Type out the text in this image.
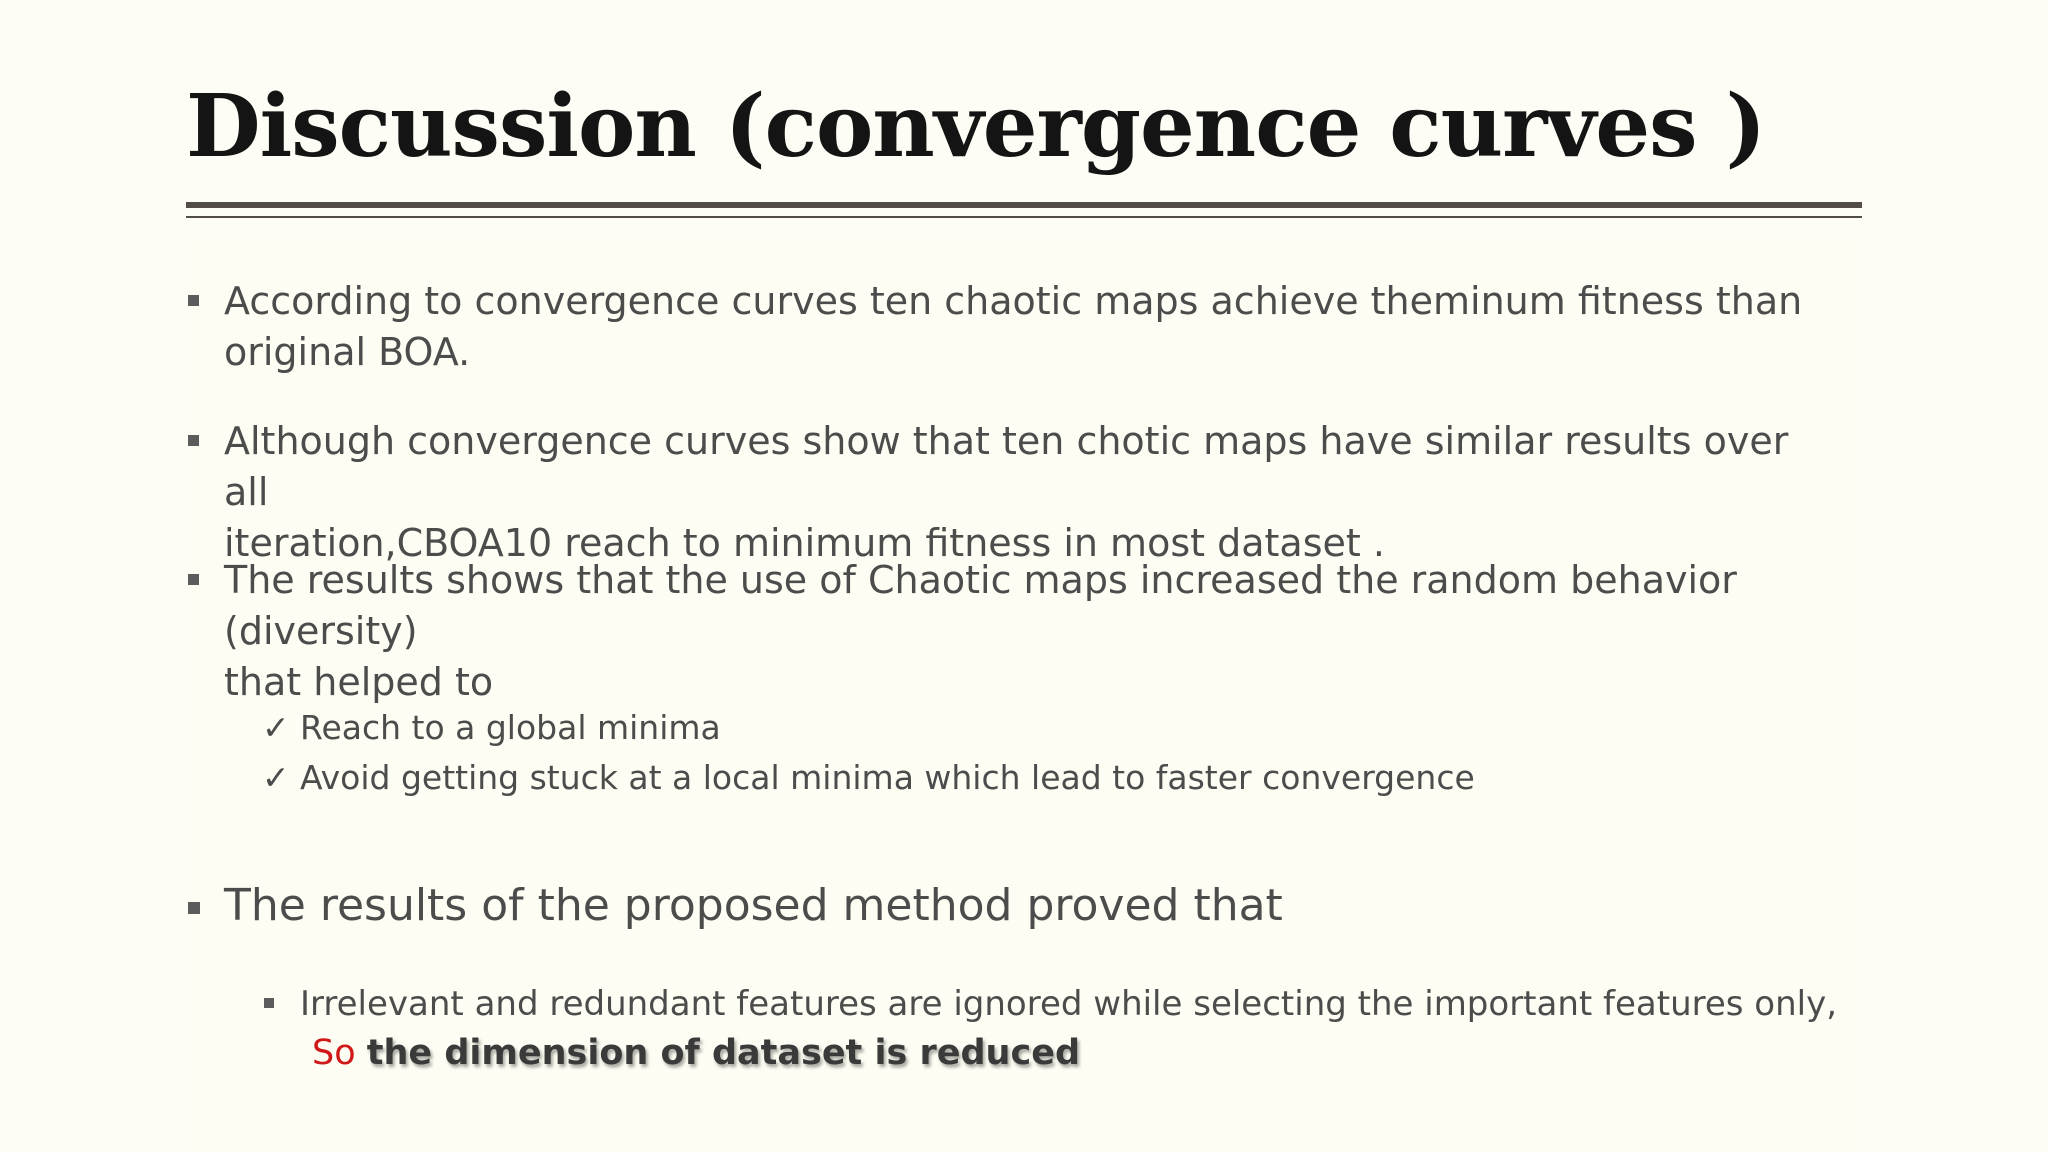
Discussion (convergence curves )
According to convergence curves ten chaotic maps achieve theminum fitness than
original BOA.
Although convergence curves show that ten chotic maps have similar results over all
iteration,CBOA10 reach to minimum fitness in most dataset .
The results shows that the use of Chaotic maps increased the random behavior (diversity)
that helped to
✓ Reach to a global minima
✓ Avoid getting stuck at a local minima which lead to faster convergence
The results of the proposed method proved that
Irrelevant and redundant features are ignored while selecting the important features only,
So the dimension of dataset is reduced
